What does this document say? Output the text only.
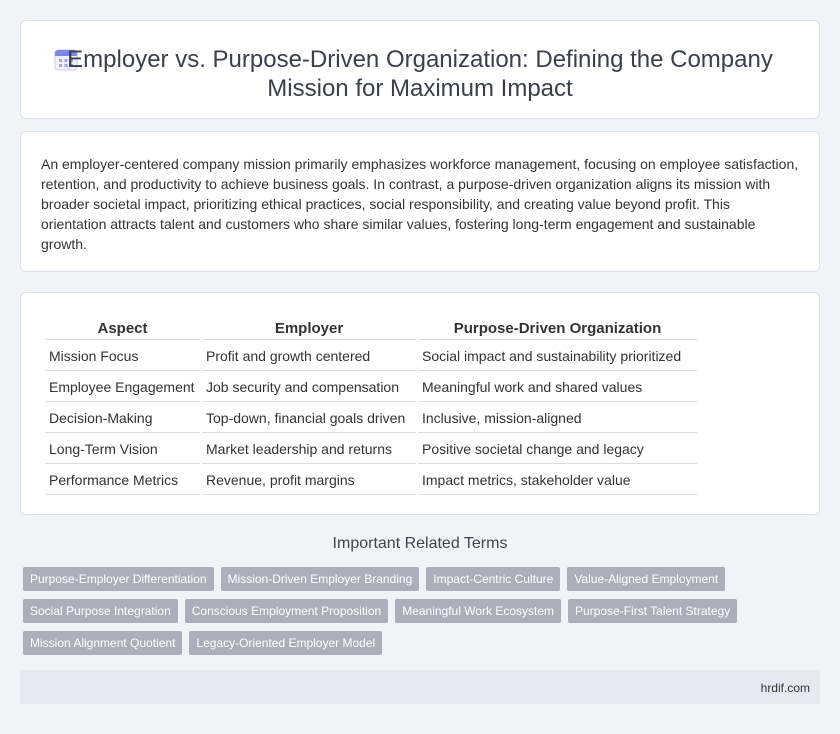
Employer vs. Purpose-Driven Organization: Defining the Company Mission for Maximum Impact

An employer-centered company mission primarily emphasizes workforce management, focusing on employee satisfaction, retention, and productivity to achieve business goals. In contrast, a purpose-driven organization aligns its mission with broader societal impact, prioritizing ethical practices, social responsibility, and creating value beyond profit. This orientation attracts talent and customers who share similar values, fostering long-term engagement and sustainable growth.

Aspect	Employer	Purpose-Driven Organization
Mission Focus	Profit and growth centered	Social impact and sustainability prioritized
Employee Engagement	Job security and compensation	Meaningful work and shared values
Decision-Making	Top-down, financial goals driven	Inclusive, mission-aligned
Long-Term Vision	Market leadership and returns	Positive societal change and legacy
Performance Metrics	Revenue, profit margins	Impact metrics, stakeholder value
Important Related Terms
Purpose-Employer Differentiation	Mission-Driven Employer Branding	Impact-Centric Culture	Value-Aligned Employment
Social Purpose Integration	Conscious Employment Proposition	Meaningful Work Ecosystem	Purpose-First Talent Strategy
Mission Alignment Quotient	Legacy-Oriented Employer Model
hrdif.com
